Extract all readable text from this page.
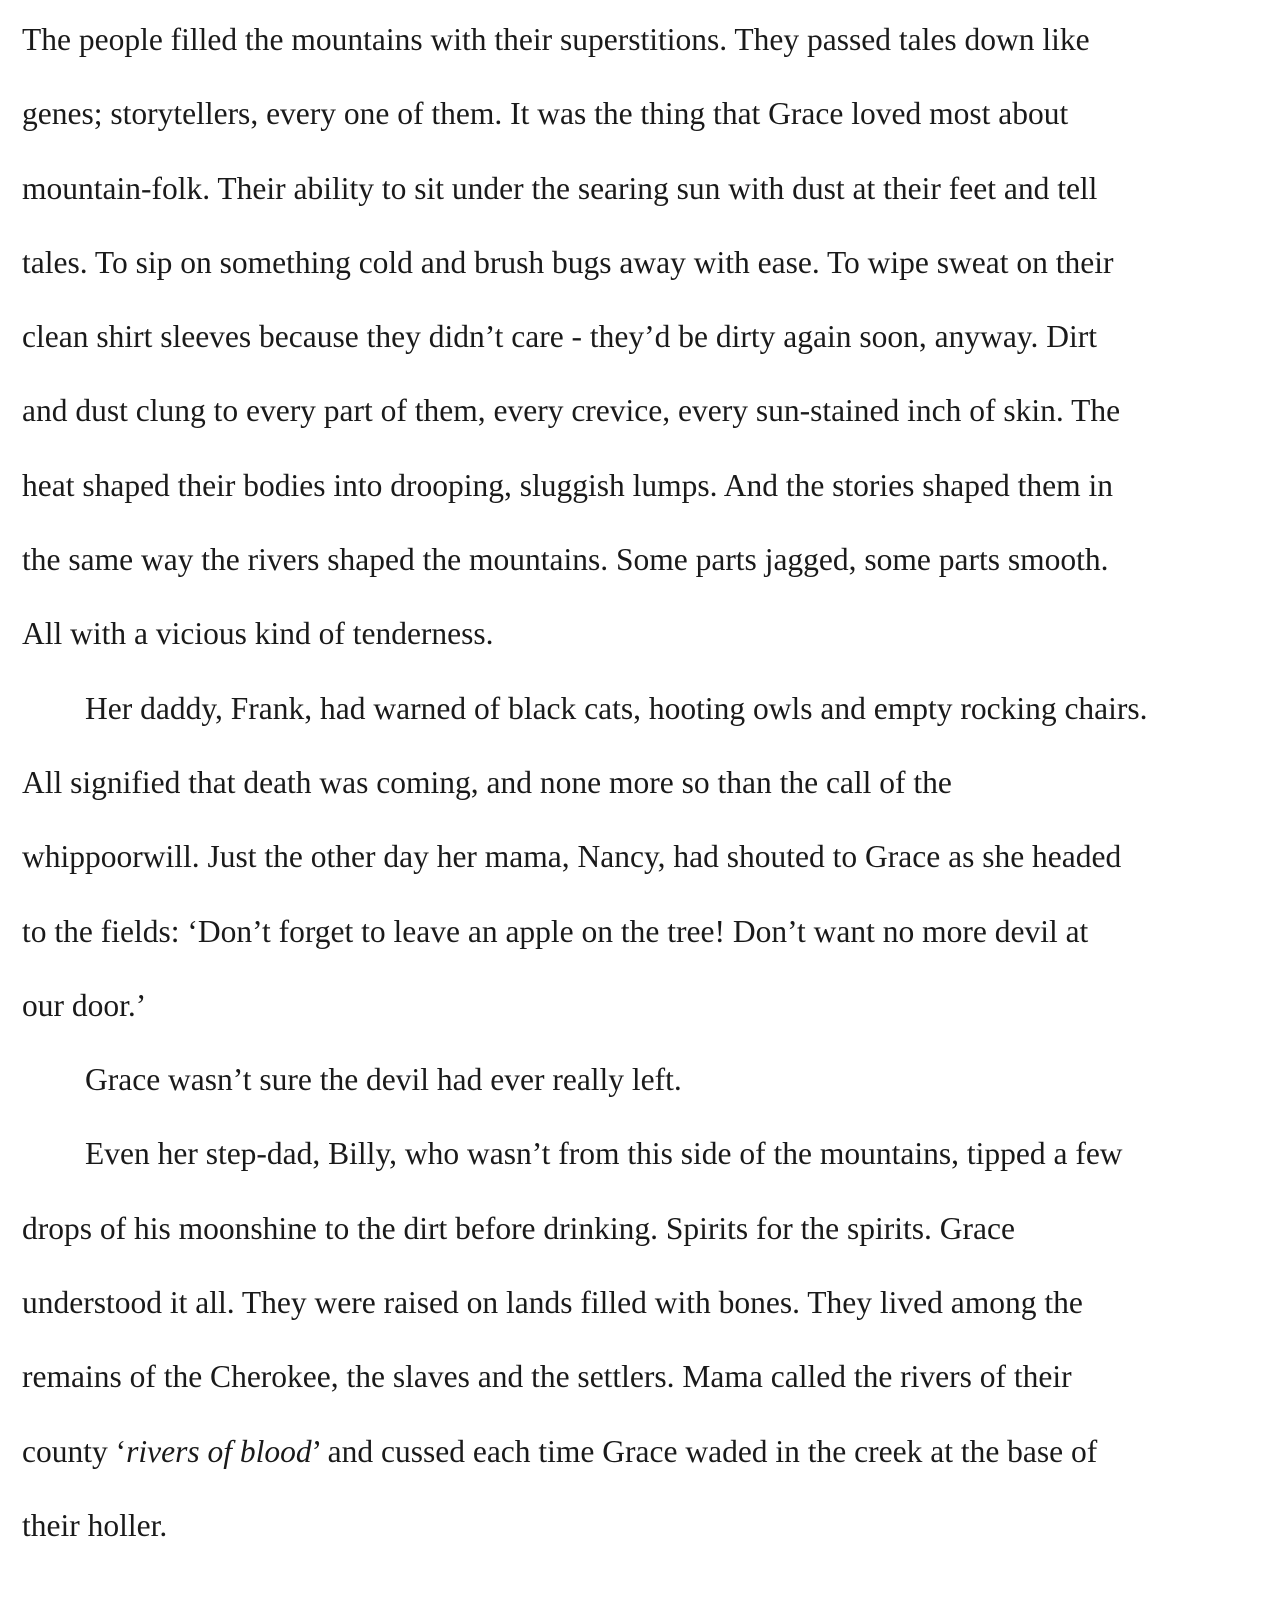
The people filled the mountains with their superstitions. They passed tales down like
genes; storytellers, every one of them. It was the thing that Grace loved most about
mountain-folk. Their ability to sit under the searing sun with dust at their feet and tell
tales. To sip on something cold and brush bugs away with ease. To wipe sweat on their
clean shirt sleeves because they didn’t care - they’d be dirty again soon, anyway. Dirt
and dust clung to every part of them, every crevice, every sun-stained inch of skin. The
heat shaped their bodies into drooping, sluggish lumps. And the stories shaped them in
the same way the rivers shaped the mountains. Some parts jagged, some parts smooth.
All with a vicious kind of tenderness.

Her daddy, Frank, had warned of black cats, hooting owls and empty rocking chairs.
All signified that death was coming, and none more so than the call of the
whippoorwill. Just the other day her mama, Nancy, had shouted to Grace as she headed
to the fields: ‘Don’t forget to leave an apple on the tree! Don’t want no more devil at
our door.’

Grace wasn’t sure the devil had ever really left.

Even her step-dad, Billy, who wasn’t from this side of the mountains, tipped a few
drops of his moonshine to the dirt before drinking. Spirits for the spirits. Grace
understood it all. They were raised on lands filled with bones. They lived among the
remains of the Cherokee, the slaves and the settlers. Mama called the rivers of their
county ‘rivers of blood’ and cussed each time Grace waded in the creek at the base of
their holler.
